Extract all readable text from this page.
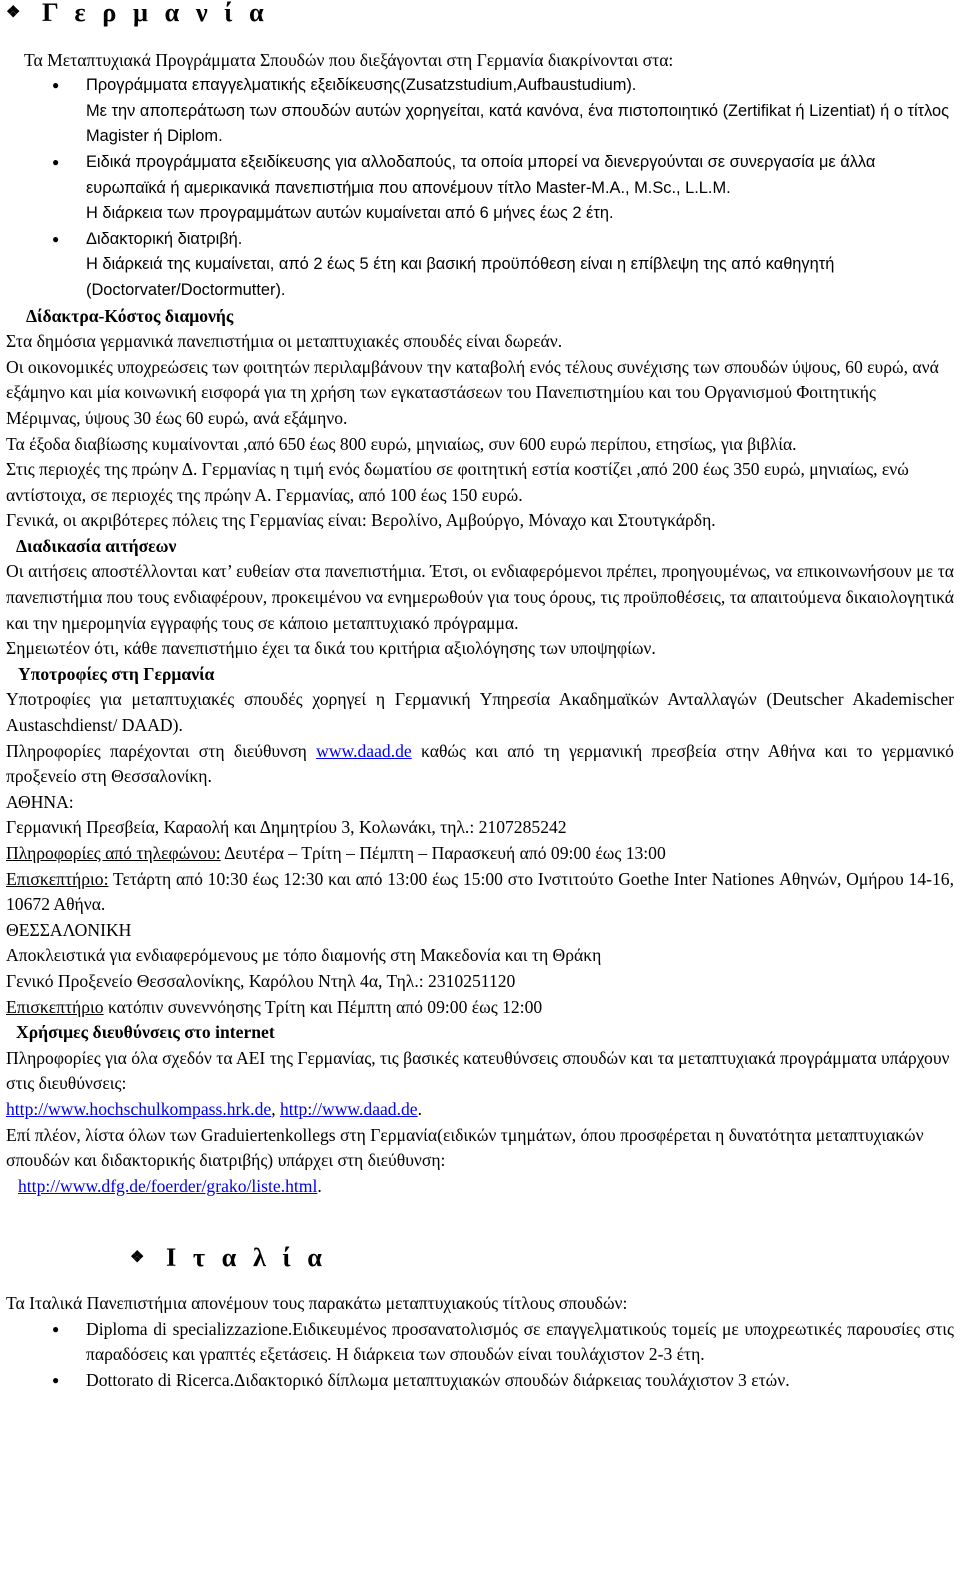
❖ Γ ε ρ μ α ν ί α

Τα Μεταπτυχιακά Προγράμματα Σπουδών που διεξάγονται στη Γερμανία διακρίνονται στα:

● Προγράμματα επαγγελματικής εξειδίκευσης(Zusatzstudium,Aufbaustudium).
Με την αποπεράτωση των σπουδών αυτών χορηγείται, κατά κανόνα, ένα πιστοποιητικό (Zertifikat ή Lizentiat) ή ο τίτλος Magister ή Diplom.
● Ειδικά προγράμματα εξειδίκευσης για αλλοδαπούς, τα οποία μπορεί να διενεργούνται σε συνεργασία με άλλα ευρωπαϊκά ή αμερικανικά πανεπιστήμια που απονέμουν τίτλο Master-M.A., M.Sc., L.L.M.
Η διάρκεια των προγραμμάτων αυτών κυμαίνεται από 6 μήνες έως 2 έτη.
● Διδακτορική διατριβή.
Η διάρκειά της κυμαίνεται, από 2 έως 5 έτη και βασική προϋπόθεση είναι η επίβλεψη της από καθηγητή (Doctorvater/Doctormutter).

Δίδακτρα-Κόστος διαμονής

Στα δημόσια γερμανικά πανεπιστήμια οι μεταπτυχιακές σπουδές είναι δωρεάν.

Οι οικονομικές υποχρεώσεις των φοιτητών περιλαμβάνουν την καταβολή ενός τέλους συνέχισης των σπουδών ύψους, 60 ευρώ, ανά εξάμηνο και μία κοινωνική εισφορά για τη χρήση των εγκαταστάσεων του Πανεπιστημίου και του Οργανισμού Φοιτητικής Μέριμνας, ύψους 30 έως 60 ευρώ, ανά εξάμηνο.

Τα έξοδα διαβίωσης κυμαίνονται ,από 650 έως 800 ευρώ, μηνιαίως, συν 600 ευρώ περίπου, ετησίως, για βιβλία.

Στις περιοχές της πρώην Δ. Γερμανίας η τιμή ενός δωματίου σε φοιτητική εστία κοστίζει ,από 200 έως 350 ευρώ, μηνιαίως, ενώ αντίστοιχα, σε περιοχές της πρώην Α. Γερμανίας, από 100 έως 150 ευρώ.

Γενικά, οι ακριβότερες πόλεις της Γερμανίας είναι: Βερολίνο, Αμβούργο, Μόναχο και Στουτγκάρδη.

Διαδικασία αιτήσεων

Οι αιτήσεις αποστέλλονται κατ’ ευθείαν στα πανεπιστήμια. Έτσι, οι ενδιαφερόμενοι πρέπει, προηγουμένως, να επικοινωνήσουν με τα πανεπιστήμια που τους ενδιαφέρουν, προκειμένου να ενημερωθούν για τους όρους, τις προϋποθέσεις, τα απαιτούμενα δικαιολογητικά και την ημερομηνία εγγραφής τους σε κάποιο μεταπτυχιακό πρόγραμμα.

Σημειωτέον ότι, κάθε πανεπιστήμιο έχει τα δικά του κριτήρια αξιολόγησης των υποψηφίων.

Υποτροφίες στη Γερμανία

Υποτροφίες για μεταπτυχιακές σπουδές χορηγεί η Γερμανική Υπηρεσία Ακαδημαϊκών Ανταλλαγών (Deutscher Akademischer Austaschdienst/ DAAD).

Πληροφορίες παρέχονται στη διεύθυνση www.daad.de καθώς και από τη γερμανική πρεσβεία στην Αθήνα και το γερμανικό προξενείο στη Θεσσαλονίκη.

ΑΘΗΝΑ:

Γερμανική Πρεσβεία, Καραολή και Δημητρίου 3, Κολωνάκι, τηλ.: 2107285242

Πληροφορίες από τηλεφώνου: Δευτέρα – Τρίτη – Πέμπτη – Παρασκευή από 09:00 έως 13:00

Επισκεπτήριο: Τετάρτη από 10:30 έως 12:30 και από 13:00 έως 15:00 στο Ινστιτούτο Goethe Inter Nationes Αθηνών, Ομήρου 14-16, 10672 Αθήνα.

ΘΕΣΣΑΛΟΝΙΚΗ

Αποκλειστικά για ενδιαφερόμενους με τόπο διαμονής στη Μακεδονία και τη Θράκη

Γενικό Προξενείο Θεσσαλονίκης, Καρόλου Ντηλ 4α, Τηλ.: 2310251120

Επισκεπτήριο κατόπιν συνεννόησης Τρίτη και Πέμπτη από 09:00 έως 12:00

Χρήσιμες διευθύνσεις στο internet

Πληροφορίες για όλα σχεδόν τα ΑΕΙ της Γερμανίας, τις βασικές κατευθύνσεις σπουδών και τα μεταπτυχιακά προγράμματα υπάρχουν στις διευθύνσεις:

http://www.hochschulkompass.hrk.de, http://www.daad.de.

Επί πλέον, λίστα όλων των Graduiertenkollegs στη Γερμανία(ειδικών τμημάτων, όπου προσφέρεται η δυνατότητα μεταπτυχιακών σπουδών και διδακτορικής διατριβής) υπάρχει στη διεύθυνση:

http://www.dfg.de/foerder/grako/liste.html.

❖ Ι τ α λ ί α

Τα Ιταλικά Πανεπιστήμια απονέμουν τους παρακάτω μεταπτυχιακούς τίτλους σπουδών:

● Diploma di specializzazione.Ειδικευμένος προσανατολισμός σε επαγγελματικούς τομείς με υποχρεωτικές παρουσίες στις παραδόσεις και γραπτές εξετάσεις. Η διάρκεια των σπουδών είναι τουλάχιστον 2-3 έτη.
● Dottorato di Ricerca.Διδακτορικό δίπλωμα μεταπτυχιακών σπουδών διάρκειας τουλάχιστον 3 ετών.
